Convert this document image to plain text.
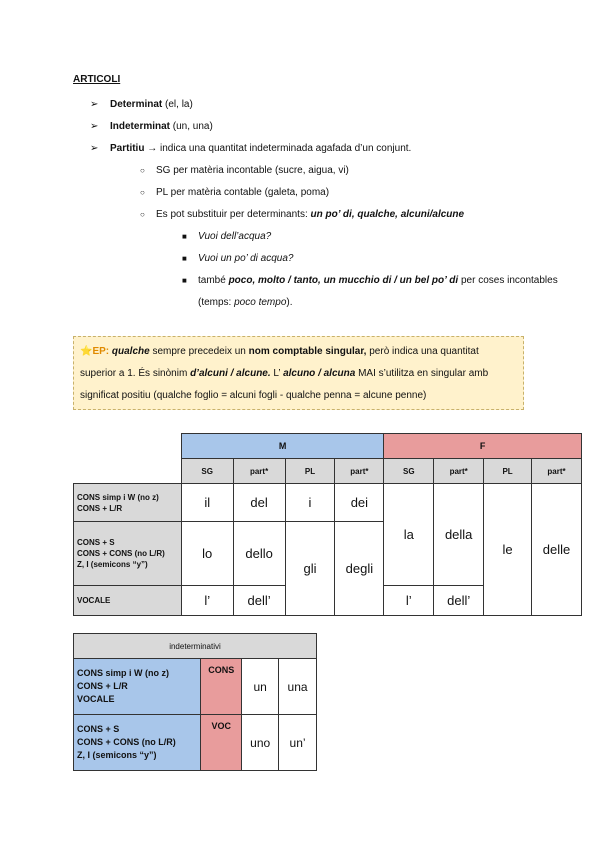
ARTICOLI
➢ Determinat (el, la)
➢ Indeterminat (un, una)
➢ Partitiu → indica una quantitat indeterminada agafada d’un conjunt.
○ SG per matèria incontable (sucre, aigua, vi)
○ PL per matèria contable (galeta, poma)
○ Es pot substituir per determinants: un po’ di, qualche, alcuni/alcune
■ Vuoi dell’acqua?
■ Vuoi un po’ di acqua?
■ també poco, molto / tanto, un mucchio di / un bel po’ di per coses incontables (temps: poco tempo).
⭐EP: qualche sempre precedeix un nom comptable singular, però indica una quantitat superior a 1. És sinònim d’alcuni / alcune. L’ alcuno / alcuna MAI s’utilitza en singular amb significat positiu (qualche foglio = alcuni fogli - qualche penna = alcune penne)
	M				F			
	SG	part*	PL	part*	SG	part*	PL	part*

CONS simp i W (no z)
CONS + L/R	il	del	i	dei	la	della	le	delle

CONS + S
CONS + CONS (no L/R)
Z, I (semicons “y”)	lo	dello	gli	degli				
VOCALE	l’	dell’			l’	dell’		
indeterminativi			

CONS simp i W (no z)
CONS + L/R
VOCALE	CONS	un	una

CONS + S
CONS + CONS (no L/R)
Z, I (semicons “y”)	VOC	uno	un’
